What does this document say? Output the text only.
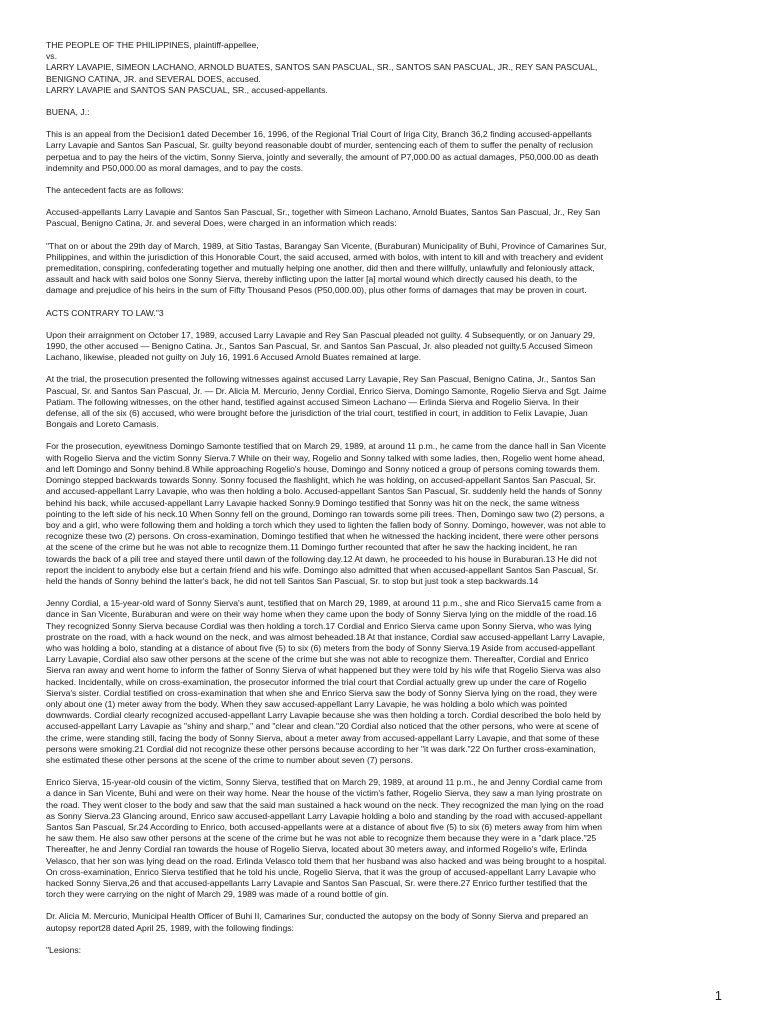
THE PEOPLE OF THE PHILIPPINES, plaintiff-appellee,
vs.
LARRY LAVAPIE, SIMEON LACHANO, ARNOLD BUATES, SANTOS SAN PASCUAL, SR., SANTOS SAN PASCUAL, JR., REY SAN PASCUAL,
BENIGNO CATINA, JR. and SEVERAL DOES, accused.
LARRY LAVAPIE and SANTOS SAN PASCUAL, SR., accused-appellants.
BUENA, J.:
This is an appeal from the Decision1 dated December 16, 1996, of the Regional Trial Court of Iriga City, Branch 36,2 finding accused-appellants
Larry Lavapie and Santos San Pascual, Sr. guilty beyond reasonable doubt of murder, sentencing each of them to suffer the penalty of reclusion
perpetua and to pay the heirs of the victim, Sonny Sierva, jointly and severally, the amount of P7,000.00 as actual damages, P50,000.00 as death
indemnity and P50,000.00 as moral damages, and to pay the costs.
The antecedent facts are as follows:
Accused-appellants Larry Lavapie and Santos San Pascual, Sr., together with Simeon Lachano, Arnold Buates, Santos San Pascual, Jr., Rey San
Pascual, Benigno Catina, Jr. and several Does, were charged in an information which reads:
"That on or about the 29th day of March, 1989, at Sitio Tastas, Barangay San Vicente, (Buraburan) Municipality of Buhi, Province of Camarines Sur,
Philippines, and within the jurisdiction of this Honorable Court, the said accused, armed with bolos, with intent to kill and with treachery and evident
premeditation, conspiring, confederating together and mutually helping one another, did then and there willfully, unlawfully and feloniously attack,
assault and hack with said bolos one Sonny Sierva, thereby inflicting upon the latter [a] mortal wound which directly caused his death, to the
damage and prejudice of his heirs in the sum of Fifty Thousand Pesos (P50,000.00), plus other forms of damages that may be proven in court.
ACTS CONTRARY TO LAW."3
Upon their arraignment on October 17, 1989, accused Larry Lavapie and Rey San Pascual pleaded not guilty. 4 Subsequently, or on January 29,
1990, the other accused — Benigno Catina. Jr., Santos San Pascual, Sr. and Santos San Pascual, Jr. also pleaded not guilty.5 Accused Simeon
Lachano, likewise, pleaded not guilty on July 16, 1991.6 Accused Arnold Buates remained at large.
At the trial, the prosecution presented the following witnesses against accused Larry Lavapie, Rey San Pascual, Benigno Catina, Jr., Santos San
Pascual, Sr. and Santos San Pascual, Jr. — Dr. Alicia M. Mercurio, Jenny Cordial, Enrico Sierva, Domingo Samonte, Rogelio Sierva and Sgt. Jaime
Patiam. The following witnesses, on the other hand, testified against accused Simeon Lachano — Erlinda Sierva and Rogelio Sierva. In their
defense, all of the six (6) accused, who were brought before the jurisdiction of the trial court, testified in court, in addition to Felix Lavapie, Juan
Bongais and Loreto Camasis.
For the prosecution, eyewitness Domingo Samonte testified that on March 29, 1989, at around 11 p.m., he came from the dance hall in San Vicente
with Rogelio Sierva and the victim Sonny Sierva.7 While on their way, Rogelio and Sonny talked with some ladies, then, Rogelio went home ahead,
and left Domingo and Sonny behind.8 While approaching Rogelio's house, Domingo and Sonny noticed a group of persons coming towards them.
Domingo stepped backwards towards Sonny. Sonny focused the flashlight, which he was holding, on accused-appellant Santos San Pascual, Sr.
and accused-appellant Larry Lavapie, who was then holding a bolo. Accused-appellant Santos San Pascual, Sr. suddenly held the hands of Sonny
behind his back, while accused-appellant Larry Lavapie hacked Sonny.9 Domingo testified that Sonny was hit on the neck, the same witness
pointing to the left side of his neck.10 When Sonny fell on the ground, Domingo ran towards some pili trees. Then, Domingo saw two (2) persons, a
boy and a girl, who were following them and holding a torch which they used to lighten the fallen body of Sonny. Domingo, however, was not able to
recognize these two (2) persons. On cross-examination, Domingo testified that when he witnessed the hacking incident, there were other persons
at the scene of the crime but he was not able to recognize them.11 Domingo further recounted that after he saw the hacking incident, he ran
towards the back of a pili tree and stayed there until dawn of the following day.12 At dawn, he proceeded to his house in Buraburan.13 He did not
report the incident to anybody else but a certain friend and his wife. Domingo also admitted that when accused-appellant Santos San Pascual, Sr.
held the hands of Sonny behind the latter's back, he did not tell Santos San Pascual, Sr. to stop but just took a step backwards.14
Jenny Cordial, a 15-year-old ward of Sonny Sierva's aunt, testified that on March 29, 1989, at around 11 p.m., she and Rico Sierva15 came from a
dance in San Vicente, Buraburan and were on their way home when they came upon the body of Sonny Sierva lying on the middle of the road.16
They recognized Sonny Sierva because Cordial was then holding a torch.17 Cordial and Enrico Sierva came upon Sonny Sierva, who was lying
prostrate on the road, with a hack wound on the neck, and was almost beheaded.18 At that instance, Cordial saw accused-appellant Larry Lavapie,
who was holding a bolo, standing at a distance of about five (5) to six (6) meters from the body of Sonny Sierva.19 Aside from accused-appellant
Larry Lavapie, Cordial also saw other persons at the scene of the crime but she was not able to recognize them. Thereafter, Cordial and Enrico
Sierva ran away and went home to inform the father of Sonny Sierva of what happened but they were told by his wife that Rogelio Sierva was also
hacked. Incidentally, while on cross-examination, the prosecutor informed the trial court that Cordial actually grew up under the care of Rogelio
Sierva's sister. Cordial testified on cross-examination that when she and Enrico Sierva saw the body of Sonny Sierva lying on the road, they were
only about one (1) meter away from the body. When they saw accused-appellant Larry Lavapie, he was holding a bolo which was pointed
downwards. Cordial clearly recognized accused-appellant Larry Lavapie because she was then holding a torch. Cordial described the bolo held by
accused-appellant Larry Lavapie as "shiny and sharp," and "clear and clean."20 Cordial also noticed that the other persons, who were at scene of
the crime, were standing still, facing the body of Sonny Sierva, about a meter away from accused-appellant Larry Lavapie, and that some of these
persons were smoking.21 Cordial did not recognize these other persons because according to her "it was dark."22 On further cross-examination,
she estimated these other persons at the scene of the crime to number about seven (7) persons.
Enrico Sierva, 15-year-old cousin of the victim, Sonny Sierva, testified that on March 29, 1989, at around 11 p.m., he and Jenny Cordial came from
a dance in San Vicente, Buhi and were on their way home. Near the house of the victim's father, Rogelio Sierva, they saw a man lying prostrate on
the road. They went closer to the body and saw that the said man sustained a hack wound on the neck. They recognized the man lying on the road
as Sonny Sierva.23 Glancing around, Enrico saw accused-appellant Larry Lavapie holding a bolo and standing by the road with accused-appellant
Santos San Pascual, Sr.24 According to Enrico, both accused-appellants were at a distance of about five (5) to six (6) meters away from him when
he saw them. He also saw other persons at the scene of the crime but he was not able to recognize them because they were in a "dark place."25
Thereafter, he and Jenny Cordial ran towards the house of Rogelio Sierva, located about 30 meters away, and informed Rogelio's wife, Erlinda
Velasco, that her son was lying dead on the road. Erlinda Velasco told them that her husband was also hacked and was being brought to a hospital.
On cross-examination, Enrico Sierva testified that he told his uncle, Rogelio Sierva, that it was the group of accused-appellant Larry Lavapie who
hacked Sonny Sierva,26 and that accused-appellants Larry Lavapie and Santos San Pascual, Sr. were there.27 Enrico further testified that the
torch they were carrying on the night of March 29, 1989 was made of a round bottle of gin.
Dr. Alicia M. Mercurio, Municipal Health Officer of Buhi II, Camarines Sur, conducted the autopsy on the body of Sonny Sierva and prepared an
autopsy report28 dated April 25, 1989, with the following findings:
"Lesions:
1
